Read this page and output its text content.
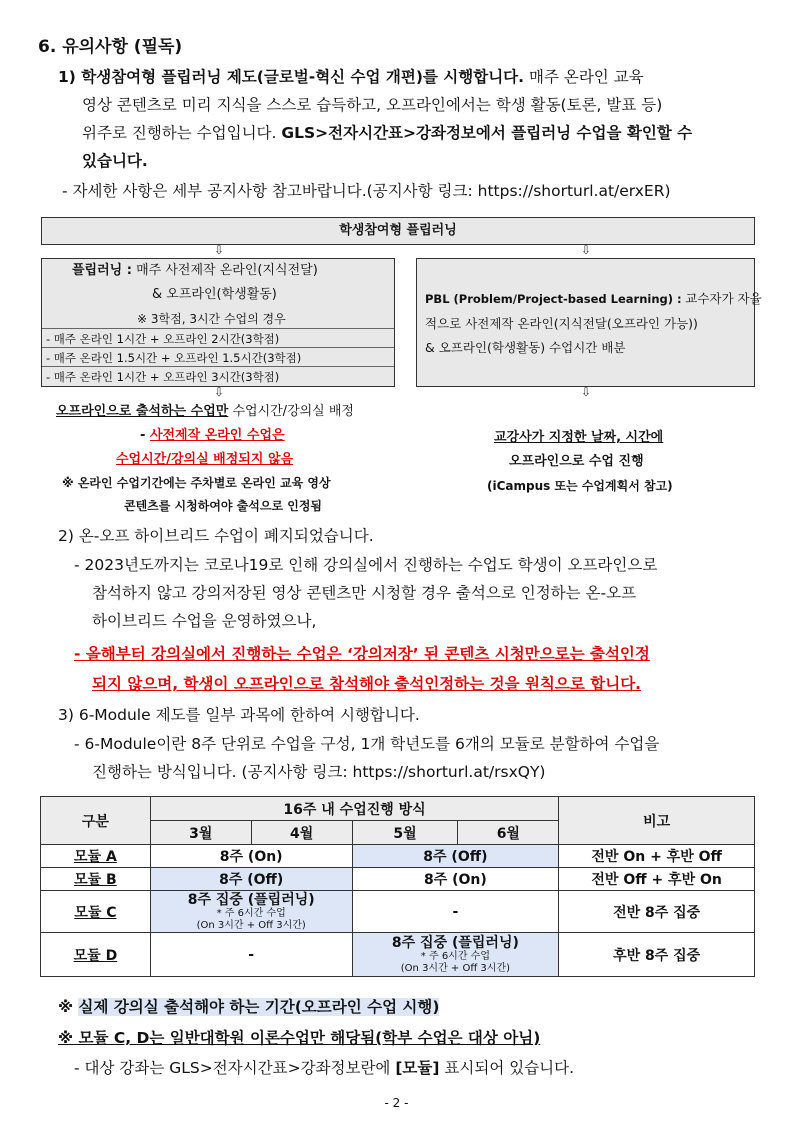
6. 유의사항 (필독)
1) 학생참여형 플립러닝 제도(글로벌-혁신 수업 개편)를 시행합니다. 매주 온라인 교육
영상 콘텐츠로 미리 지식을 스스로 습득하고, 오프라인에서는 학생 활동(토론, 발표 등)
위주로 진행하는 수업입니다. GLS>전자시간표>강좌정보에서 플립러닝 수업을 확인할 수
있습니다.
- 자세한 사항은 세부 공지사항 참고바랍니다.(공지사항 링크: https://shorturl.at/erxER)
학생참여형 플립러닝
⇩	⇩
플립러닝 : 매주 사전제작 온라인(지식전달)
& 오프라인(학생활동)
※ 3학점, 3시간 수업의 경우
- 매주 온라인 1시간 + 오프라인 2시간(3학점)
- 매주 온라인 1.5시간 + 오프라인 1.5시간(3학점)
- 매주 온라인 1시간 + 오프라인 3시간(3학점)
PBL (Problem/Project-based Learning) : 교수자가 자율
적으로 사전제작 온라인(지식전달(오프라인 가능))
& 오프라인(학생활동) 수업시간 배분
⇩	⇩
오프라인으로 출석하는 수업만 수업시간/강의실 배정
- 사전제작 온라인 수업은
수업시간/강의실 배정되지 않음
※ 온라인 수업기간에는 주차별로 온라인 교육 영상
콘텐츠를 시청하여야 출석으로 인정됨
교강사가 지정한 날짜, 시간에
오프라인으로 수업 진행
(iCampus 또는 수업계획서 참고)
2) 온-오프 하이브리드 수업이 폐지되었습니다.
- 2023년도까지는 코로나19로 인해 강의실에서 진행하는 수업도 학생이 오프라인으로
참석하지 않고 강의저장된 영상 콘텐츠만 시청할 경우 출석으로 인정하는 온-오프
하이브리드 수업을 운영하였으나,
- 올해부터 강의실에서 진행하는 수업은 ‘강의저장’ 된 콘텐츠 시청만으로는 출석인정
되지 않으며, 학생이 오프라인으로 참석해야 출석인정하는 것을 원칙으로 합니다.
3) 6-Module 제도를 일부 과목에 한하여 시행합니다.
- 6-Module이란 8주 단위로 수업을 구성, 1개 학년도를 6개의 모듈로 분할하여 수업을
진행하는 방식입니다. (공지사항 링크: https://shorturl.at/rsxQY)
구분	16주 내 수업진행 방식				비고
	3월	4월	5월	6월	
모듈 A	8주 (On)		8주 (Off)		전반 On + 후반 Off
모듈 B	8주 (Off)		8주 (On)		전반 Off + 후반 On
모듈 C	8주 집중 (플립러닝)
* 주 6시간 수업
(On 3시간 + Off 3시간)		-		전반 8주 집중
모듈 D	-		8주 집중 (플립러닝)
* 주 6시간 수업
(On 3시간 + Off 3시간)		후반 8주 집중
※ 실제 강의실 출석해야 하는 기간(오프라인 수업 시행)
※ 모듈 C, D는 일반대학원 이론수업만 해당됨(학부 수업은 대상 아님)
- 대상 강좌는 GLS>전자시간표>강좌정보란에 [모듈] 표시되어 있습니다.
- 2 -
